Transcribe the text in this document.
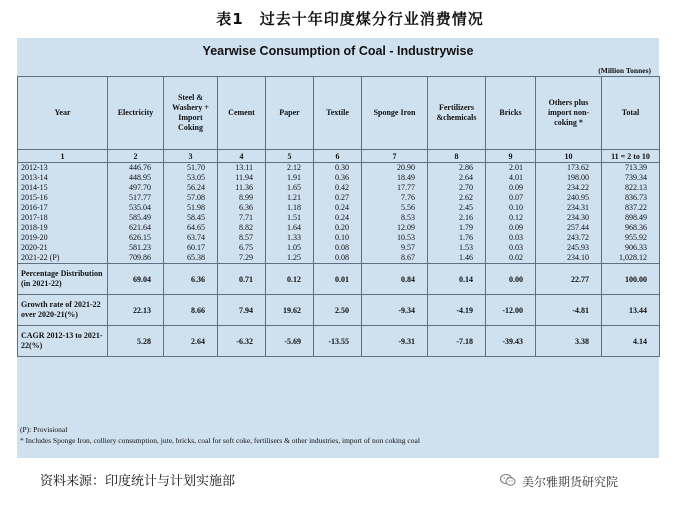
表1　过去十年印度煤分行业消费情况
Yearwise Consumption of Coal - Industrywise
(Million Tonnes)
Year	Electricity	Steel & Washery + Import Coking	Cement	Paper	Textile	Sponge Iron	Fertilizers &chemicals	Bricks	Others plus import non-coking *	Total
1	2	3	4	5	6	7	8	9	10	11 = 2 to 10
2012-13	446.76	51.70	13.11	2.12	0.30	20.90	2.86	2.01	173.62	713.39
2013-14	448.95	53.05	11.94	1.91	0.36	18.49	2.64	4.01	198.00	739.34
2014-15	497.70	56.24	11.36	1.65	0.42	17.77	2.70	0.09	234.22	822.13
2015-16	517.77	57.08	8.99	1.21	0.27	7.76	2.62	0.07	240.95	836.73
2016-17	535.04	51.98	6.36	1.18	0.24	5.56	2.45	0.10	234.31	837.22
2017-18	585.49	58.45	7.71	1.51	0.24	8.53	2.16	0.12	234.30	898.49
2018-19	621.64	64.65	8.82	1.64	0.20	12.09	1.79	0.09	257.44	968.36
2019-20	626.15	63.74	8.57	1.33	0.10	10.53	1.76	0.03	243.72	955.92
2020-21	581.23	60.17	6.75	1.05	0.08	9.57	1.53	0.03	245.93	906.33
2021-22 (P)	709.86	65.38	7.29	1.25	0.08	8.67	1.46	0.02	234.10	1,028.12
Percentage Distribution (in 2021-22)	69.04	6.36	0.71	0.12	0.01	0.84	0.14	0.00	22.77	100.00
Growth rate of 2021-22 over 2020-21(%)	22.13	8.66	7.94	19.62	2.50	-9.34	-4.19	-12.00	-4.81	13.44
CAGR 2012-13 to 2021-22(%)	5.28	2.64	-6.32	-5.69	-13.55	-9.31	-7.18	-39.43	3.38	4.14
(P): Provisional
* Includes Sponge Iron, colliery consumption, jute, bricks, coal for soft coke, fertilisers & other industries, import of non coking coal
资料来源：印度统计与计划实施部	美尔雅期货研究院
